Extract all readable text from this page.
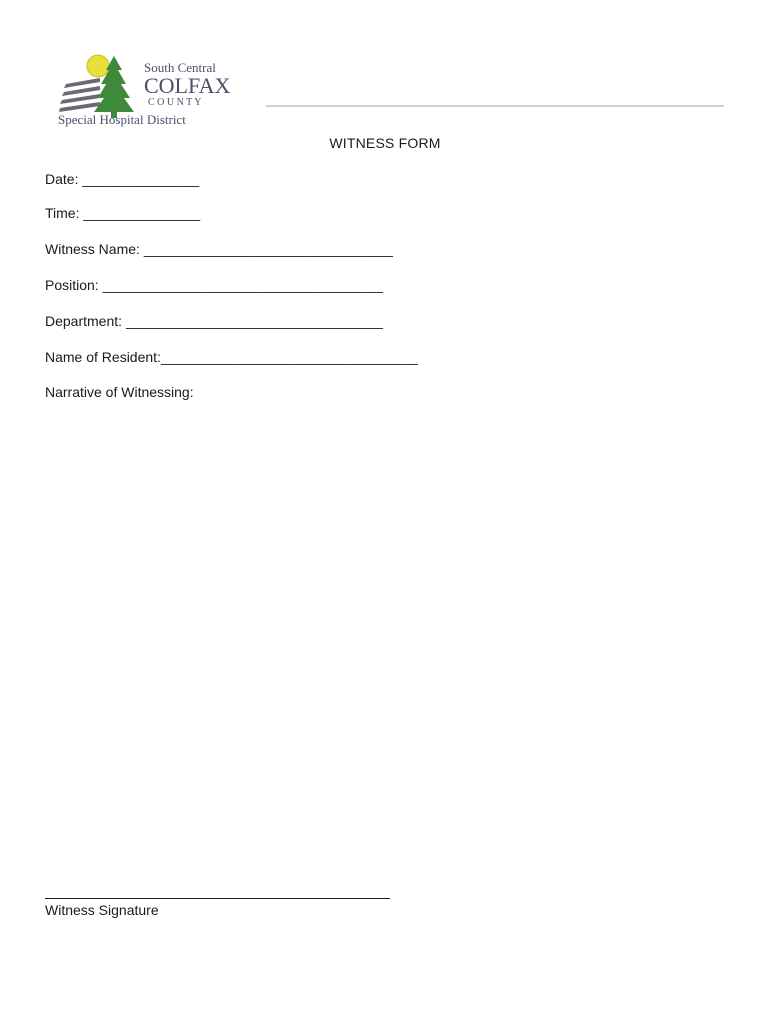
South Central
COLFAX
C O U N T Y
Special Hospital District
WITNESS FORM
Date: _______________
Time: _______________
Witness Name: ________________________________
Position: ____________________________________
Department: _________________________________
Name of Resident:_________________________________
Narrative of Witnessing:
Witness Signature
